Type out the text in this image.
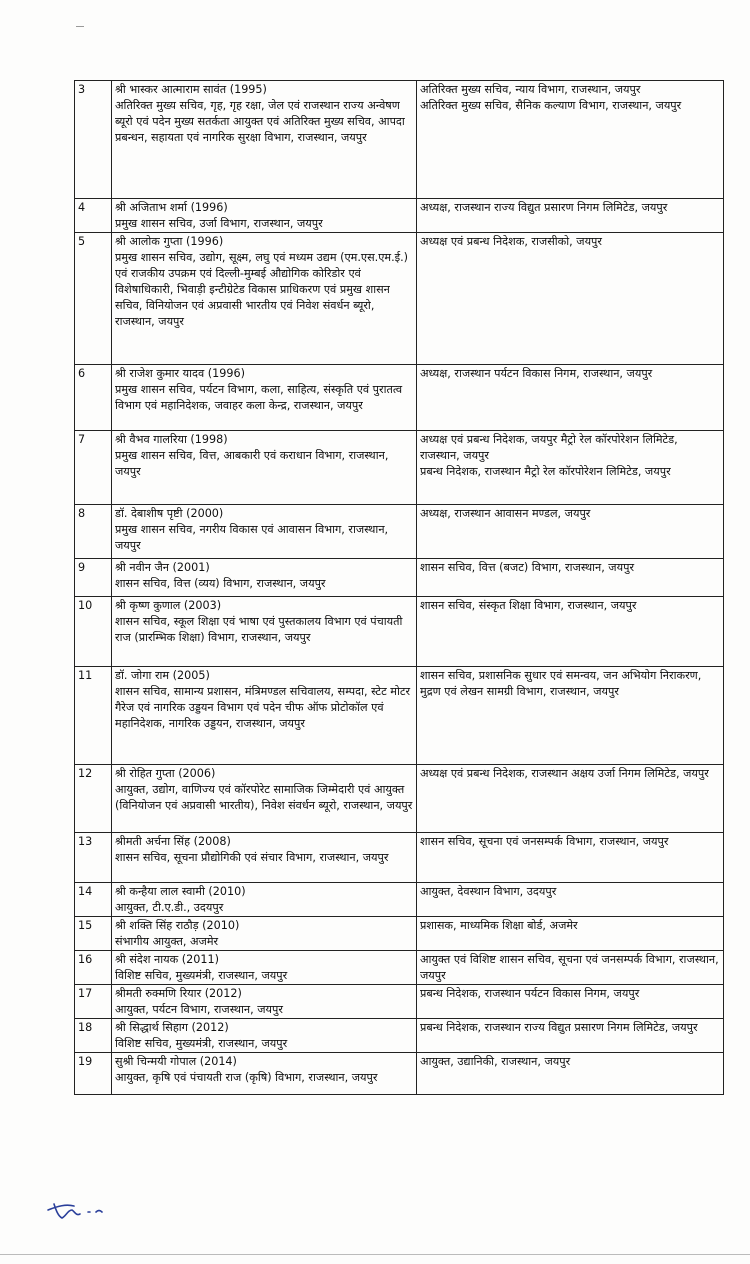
3	श्री भास्कर आत्माराम सावंत (1995)
अतिरिक्त मुख्य सचिव, गृह, गृह रक्षा, जेल एवं राजस्थान राज्य अन्वेषण ब्यूरो एवं पदेन मुख्य सतर्कता आयुक्त एवं अतिरिक्त मुख्य सचिव, आपदा प्रबन्धन, सहायता एवं नागरिक सुरक्षा विभाग, राजस्थान, जयपुर	अतिरिक्त मुख्य सचिव, न्याय विभाग, राजस्थान, जयपुर
अतिरिक्त मुख्य सचिव, सैनिक कल्याण विभाग, राजस्थान, जयपुर

4	श्री अजिताभ शर्मा (1996)
प्रमुख शासन सचिव, उर्जा विभाग, राजस्थान, जयपुर	अध्यक्ष, राजस्थान राज्य विद्युत प्रसारण निगम लिमिटेड, जयपुर

5	श्री आलोक गुप्ता (1996)
प्रमुख शासन सचिव, उद्योग, सूक्ष्म, लघु एवं मध्यम उद्यम (एम.एस.एम.ई.) एवं राजकीय उपक्रम एवं दिल्ली-मुम्बई औद्योगिक कोरिडोर एवं विशेषाधिकारी, भिवाड़ी इन्टीग्रेटेड विकास प्राधिकरण एवं प्रमुख शासन सचिव, विनियोजन एवं अप्रवासी भारतीय एवं निवेश संवर्धन ब्यूरो, राजस्थान, जयपुर	अध्यक्ष एवं प्रबन्ध निदेशक, राजसीको, जयपुर

6	श्री राजेश कुमार यादव (1996)
प्रमुख शासन सचिव, पर्यटन विभाग, कला, साहित्य, संस्कृति एवं पुरातत्व विभाग एवं महानिदेशक, जवाहर कला केन्द्र, राजस्थान, जयपुर	अध्यक्ष, राजस्थान पर्यटन विकास निगम, राजस्थान, जयपुर

7	श्री वैभव गालरिया (1998)
प्रमुख शासन सचिव, वित्त, आबकारी एवं कराधान विभाग, राजस्थान, जयपुर	अध्यक्ष एवं प्रबन्ध निदेशक, जयपुर मैट्रो रेल कॉरपोरेशन लिमिटेड, राजस्थान, जयपुर
प्रबन्ध निदेशक, राजस्थान मैट्रो रेल कॉरपोरेशन लिमिटेड, जयपुर

8	डॉ. देबाशीष पृष्टी (2000)
प्रमुख शासन सचिव, नगरीय विकास एवं आवासन विभाग, राजस्थान, जयपुर	अध्यक्ष, राजस्थान आवासन मण्डल, जयपुर

9	श्री नवीन जैन (2001)
शासन सचिव, वित्त (व्यय) विभाग, राजस्थान, जयपुर	शासन सचिव, वित्त (बजट) विभाग, राजस्थान, जयपुर

10	श्री कृष्ण कुणाल (2003)
शासन सचिव, स्कूल शिक्षा एवं भाषा एवं पुस्तकालय विभाग एवं पंचायती राज (प्रारम्भिक शिक्षा) विभाग, राजस्थान, जयपुर	शासन सचिव, संस्कृत शिक्षा विभाग, राजस्थान, जयपुर

11	डॉ. जोगा राम (2005)
शासन सचिव, सामान्य प्रशासन, मंत्रिमण्डल सचिवालय, सम्पदा, स्टेट मोटर गैरेज एवं नागरिक उड्डयन विभाग एवं पदेन चीफ ऑफ प्रोटोकॉल एवं महानिदेशक, नागरिक उड्डयन, राजस्थान, जयपुर	शासन सचिव, प्रशासनिक सुधार एवं समन्वय, जन अभियोग निराकरण, मुद्रण एवं लेखन सामग्री विभाग, राजस्थान, जयपुर

12	श्री रोहित गुप्ता (2006)
आयुक्त, उद्योग, वाणिज्य एवं कॉरपोरेट सामाजिक जिम्मेदारी एवं आयुक्त (विनियोजन एवं अप्रवासी भारतीय), निवेश संवर्धन ब्यूरो, राजस्थान, जयपुर	अध्यक्ष एवं प्रबन्ध निदेशक, राजस्थान अक्षय उर्जा निगम लिमिटेड, जयपुर

13	श्रीमती अर्चना सिंह (2008)
शासन सचिव, सूचना प्रौद्योगिकी एवं संचार विभाग, राजस्थान, जयपुर	शासन सचिव, सूचना एवं जनसम्पर्क विभाग, राजस्थान, जयपुर

14	श्री कन्हैया लाल स्वामी (2010)
आयुक्त, टी.ए.डी., उदयपुर	आयुक्त, देवस्थान विभाग, उदयपुर

15	श्री शक्ति सिंह राठौड़ (2010)
संभागीय आयुक्त, अजमेर	प्रशासक, माध्यमिक शिक्षा बोर्ड, अजमेर

16	श्री संदेश नायक (2011)
विशिष्ट सचिव, मुख्यमंत्री, राजस्थान, जयपुर	आयुक्त एवं विशिष्ट शासन सचिव, सूचना एवं जनसम्पर्क विभाग, राजस्थान, जयपुर

17	श्रीमती रुक्मणि रियार (2012)
आयुक्त, पर्यटन विभाग, राजस्थान, जयपुर	प्रबन्ध निदेशक, राजस्थान पर्यटन विकास निगम, जयपुर

18	श्री सिद्धार्थ सिहाग (2012)
विशिष्ट सचिव, मुख्यमंत्री, राजस्थान, जयपुर	प्रबन्ध निदेशक, राजस्थान राज्य विद्युत प्रसारण निगम लिमिटेड, जयपुर

19	सुश्री चिन्मयी गोपाल (2014)
आयुक्त, कृषि एवं पंचायती राज (कृषि) विभाग, राजस्थान, जयपुर	आयुक्त, उद्यानिकी, राजस्थान, जयपुर
